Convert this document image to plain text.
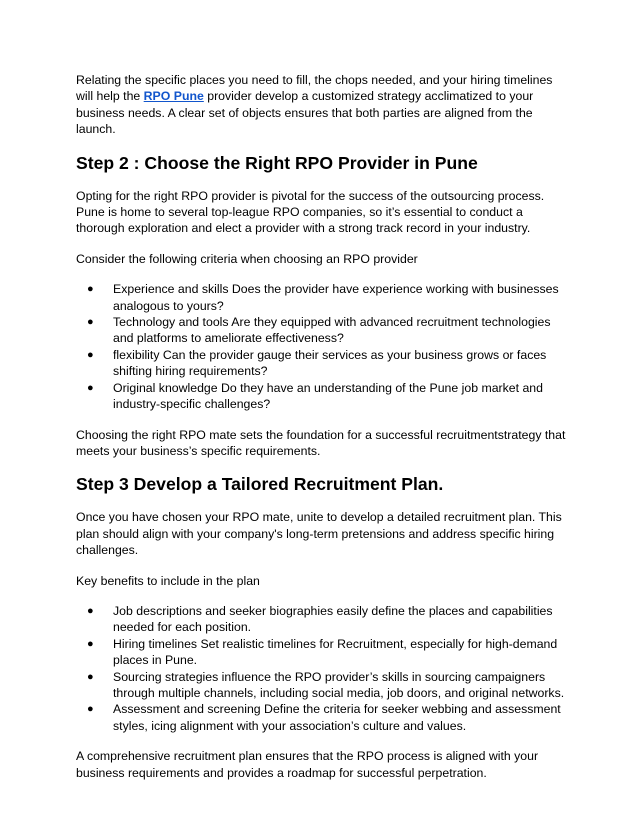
Relating the specific places you need to fill, the chops needed, and your hiring timelines will help the RPO Pune provider develop a customized strategy acclimatized to your business needs. A clear set of objects ensures that both parties are aligned from the launch.

Step 2 : Choose the Right RPO Provider in Pune

Opting for the right RPO provider is pivotal for the success of the outsourcing process. Pune is home to several top-league RPO companies, so it’s essential to conduct a thorough exploration and elect a provider with a strong track record in your industry.

Consider the following criteria when choosing an RPO provider

● Experience and skills Does the provider have experience working with businesses analogous to yours?
● Technology and tools Are they equipped with advanced recruitment technologies and platforms to ameliorate effectiveness?
● flexibility Can the provider gauge their services as your business grows or faces shifting hiring requirements?
● Original knowledge Do they have an understanding of the Pune job market and industry-specific challenges?

Choosing the right RPO mate sets the foundation for a successful recruitmentstrategy that meets your business’s specific requirements.

Step 3 Develop a Tailored Recruitment Plan.

Once you have chosen your RPO mate, unite to develop a detailed recruitment plan. This plan should align with your company's long-term pretensions and address specific hiring challenges.

Key benefits to include in the plan

● Job descriptions and seeker biographies easily define the places and capabilities needed for each position.
● Hiring timelines Set realistic timelines for Recruitment, especially for high-demand places in Pune.
● Sourcing strategies influence the RPO provider’s skills in sourcing campaigners through multiple channels, including social media, job doors, and original networks.
● Assessment and screening Define the criteria for seeker webbing and assessment styles, icing alignment with your association’s culture and values.

A comprehensive recruitment plan ensures that the RPO process is aligned with your business requirements and provides a roadmap for successful perpetration.
